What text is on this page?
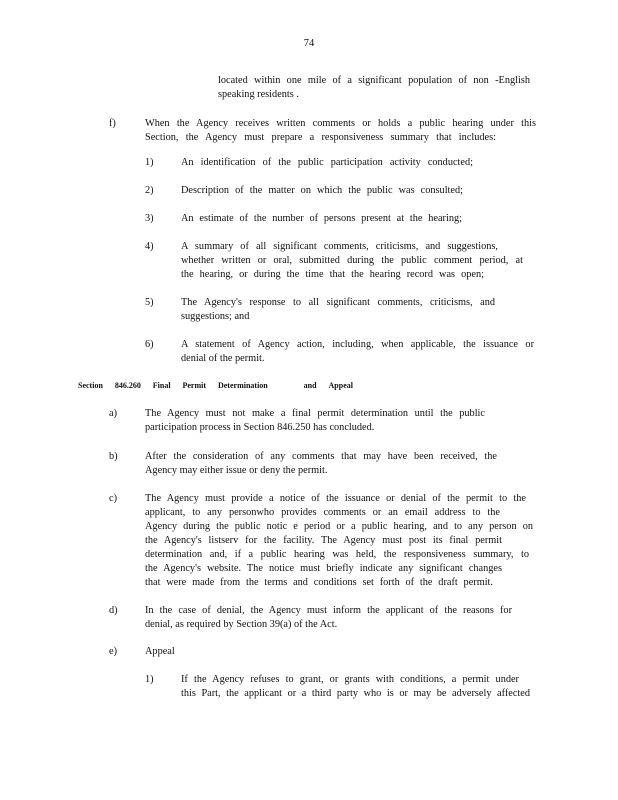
74
located within one mile of a significant population of non -English
speaking residents .
f)	When the Agency receives written comments or holds a public hearing under this
Section, the Agency must prepare a responsiveness summary that includes:
1)	An identification of the public participation activity conducted;
2)	Description of the matter on which the public was consulted;
3)	An estimate of the number of persons present at the hearing;
4)	A summary of all significant comments, criticisms, and suggestions,
whether written or oral, submitted during the public comment period, at
the hearing, or during the time that the hearing record was open;
5)	The Agency's response to all significant comments, criticisms, and
suggestions; and
6)	A statement of Agency action, including, when applicable, the issuance or
denial of the permit.
Section 846.260 Final Permit Determination	and Appeal
a)	The Agency must not make a final permit determination until the public
participation process in Section 846.250 has concluded.
b)	After the consideration of any comments that may have been received, the
Agency may either issue or deny the permit.
c)	The Agency must provide a notice of the issuance or denial of the permit to the
applicant, to any personwho provides comments or an email address to the
Agency during the public notic e period or a public hearing, and to any person on
the Agency's listserv for the facility. The Agency must post its final permit
determination and, if a public hearing was held, the responsiveness summary, to
the Agency's website. The notice must briefly indicate any significant changes
that were made from the terms and conditions set forth of the draft permit.
d)	In the case of denial, the Agency must inform the applicant of the reasons for
denial, as required by Section 39(a) of the Act.
e)	Appeal
1)	If the Agency refuses to grant, or grants with conditions, a permit under
this Part, the applicant or a third party who is or may be adversely affected
